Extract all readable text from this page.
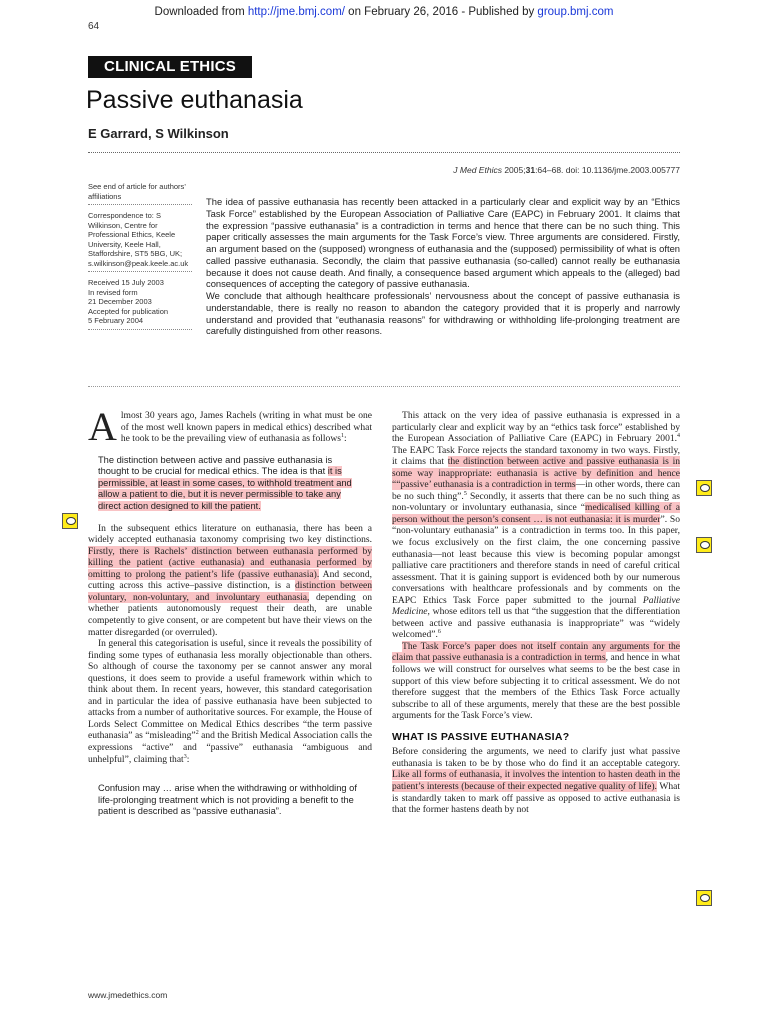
Downloaded from http://jme.bmj.com/ on February 26, 2016 - Published by group.bmj.com
64
CLINICAL ETHICS
Passive euthanasia
E Garrard, S Wilkinson
J Med Ethics 2005;31:64–68. doi: 10.1136/jme.2003.005777
See end of article for authors’ affiliations
Correspondence to: S Wilkinson, Centre for Professional Ethics, Keele University, Keele Hall, Staffordshire, ST5 5BG, UK; s.wilkinson@peak.keele.ac.uk
Received 15 July 2003
In revised form
21 December 2003
Accepted for publication
5 February 2004

The idea of passive euthanasia has recently been attacked in a particularly clear and explicit way by an “Ethics Task Force” established by the European Association of Palliative Care (EAPC) in February 2001. It claims that the expression “passive euthanasia” is a contradiction in terms and hence that there can be no such thing. This paper critically assesses the main arguments for the Task Force’s view. Three arguments are considered. Firstly, an argument based on the (supposed) wrongness of euthanasia and the (supposed) permissibility of what is often called passive euthanasia. Secondly, the claim that passive euthanasia (so-called) cannot really be euthanasia because it does not cause death. And finally, a consequence based argument which appeals to the (alleged) bad consequences of accepting the category of passive euthanasia.

We conclude that although healthcare professionals’ nervousness about the concept of passive euthanasia is understandable, there is really no reason to abandon the category provided that it is properly and narrowly understand and provided that “euthanasia reasons” for withdrawing or withholding life-prolonging treatment are carefully distinguished from other reasons.

Almost 30 years ago, James Rachels (writing in what must be one of the most well known papers in medical ethics) described what he took to be the prevailing view of euthanasia as follows$^1$:

The distinction between active and passive euthanasia is thought to be crucial for medical ethics. The idea is that it is permissible, at least in some cases, to withhold treatment and allow a patient to die, but it is never permissible to take any direct action designed to kill the patient.

In the subsequent ethics literature on euthanasia, there has been a widely accepted euthanasia taxonomy comprising two key distinctions. Firstly, there is Rachels’ distinction between euthanasia performed by killing the patient (active euthanasia) and euthanasia performed by omitting to prolong the patient’s life (passive euthanasia). And second, cutting across this active–passive distinction, is a distinction between voluntary, non-voluntary, and involuntary euthanasia, depending on whether patients autonomously request their death, are unable competently to give consent, or are competent but have their views on the matter disregarded (or overruled).

In general this categorisation is useful, since it reveals the possibility of finding some types of euthanasia less morally objectionable than others. So although of course the taxonomy per se cannot answer any moral questions, it does seem to provide a useful framework within which to think about them. In recent years, however, this standard categorisation and in particular the idea of passive euthanasia have been subjected to attacks from a number of authoritative sources. For example, the House of Lords Select Committee on Medical Ethics describes “the term passive euthanasia” as “misleading”$^2$ and the British Medical Association calls the expressions “active” and “passive” euthanasia “ambiguous and unhelpful”, claiming that$^3$:

Confusion may … arise when the withdrawing or withholding of life-prolonging treatment which is not providing a benefit to the patient is described as “passive euthanasia”.

This attack on the very idea of passive euthanasia is expressed in a particularly clear and explicit way by an “ethics task force” established by the European Association of Palliative Care (EAPC) in February 2001.$^4$ The EAPC Task Force rejects the standard taxonomy in two ways. Firstly, it claims that the distinction between active and passive euthanasia is in some way inappropriate: euthanasia is active by definition and hence ““passive’ euthanasia is a contradiction in terms—in other words, there can be no such thing”.$^5$ Secondly, it asserts that there can be no such thing as non-voluntary or involuntary euthanasia, since “medicalised killing of a person without the person’s consent … is not euthanasia: it is murder”. So “non-voluntary euthanasia” is a contradiction in terms too. In this paper, we focus exclusively on the first claim, the one concerning passive euthanasia—not least because this view is becoming popular amongst palliative care practitioners and therefore stands in need of careful critical assessment. That it is gaining support is evidenced both by our numerous conversations with healthcare professionals and by comments on the EAPC Ethics Task Force paper submitted to the journal Palliative Medicine, whose editors tell us that “the suggestion that the differentiation between active and passive euthanasia is inappropriate” was “widely welcomed”.$^6$

The Task Force’s paper does not itself contain any arguments for the claim that passive euthanasia is a contradiction in terms, and hence in what follows we will construct for ourselves what seems to be the best case in support of this view before subjecting it to critical assessment. We do not therefore suggest that the members of the Ethics Task Force actually subscribe to all of these arguments, merely that these are the best possible arguments for the Task Force’s view.

WHAT IS PASSIVE EUTHANASIA?

Before considering the arguments, we need to clarify just what passive euthanasia is taken to be by those who do find it an acceptable category. Like all forms of euthanasia, it involves the intention to hasten death in the patient’s interests (because of their expected negative quality of life). What is standardly taken to mark off passive as opposed to active euthanasia is that the former hastens death by not

www.jmedethics.com
